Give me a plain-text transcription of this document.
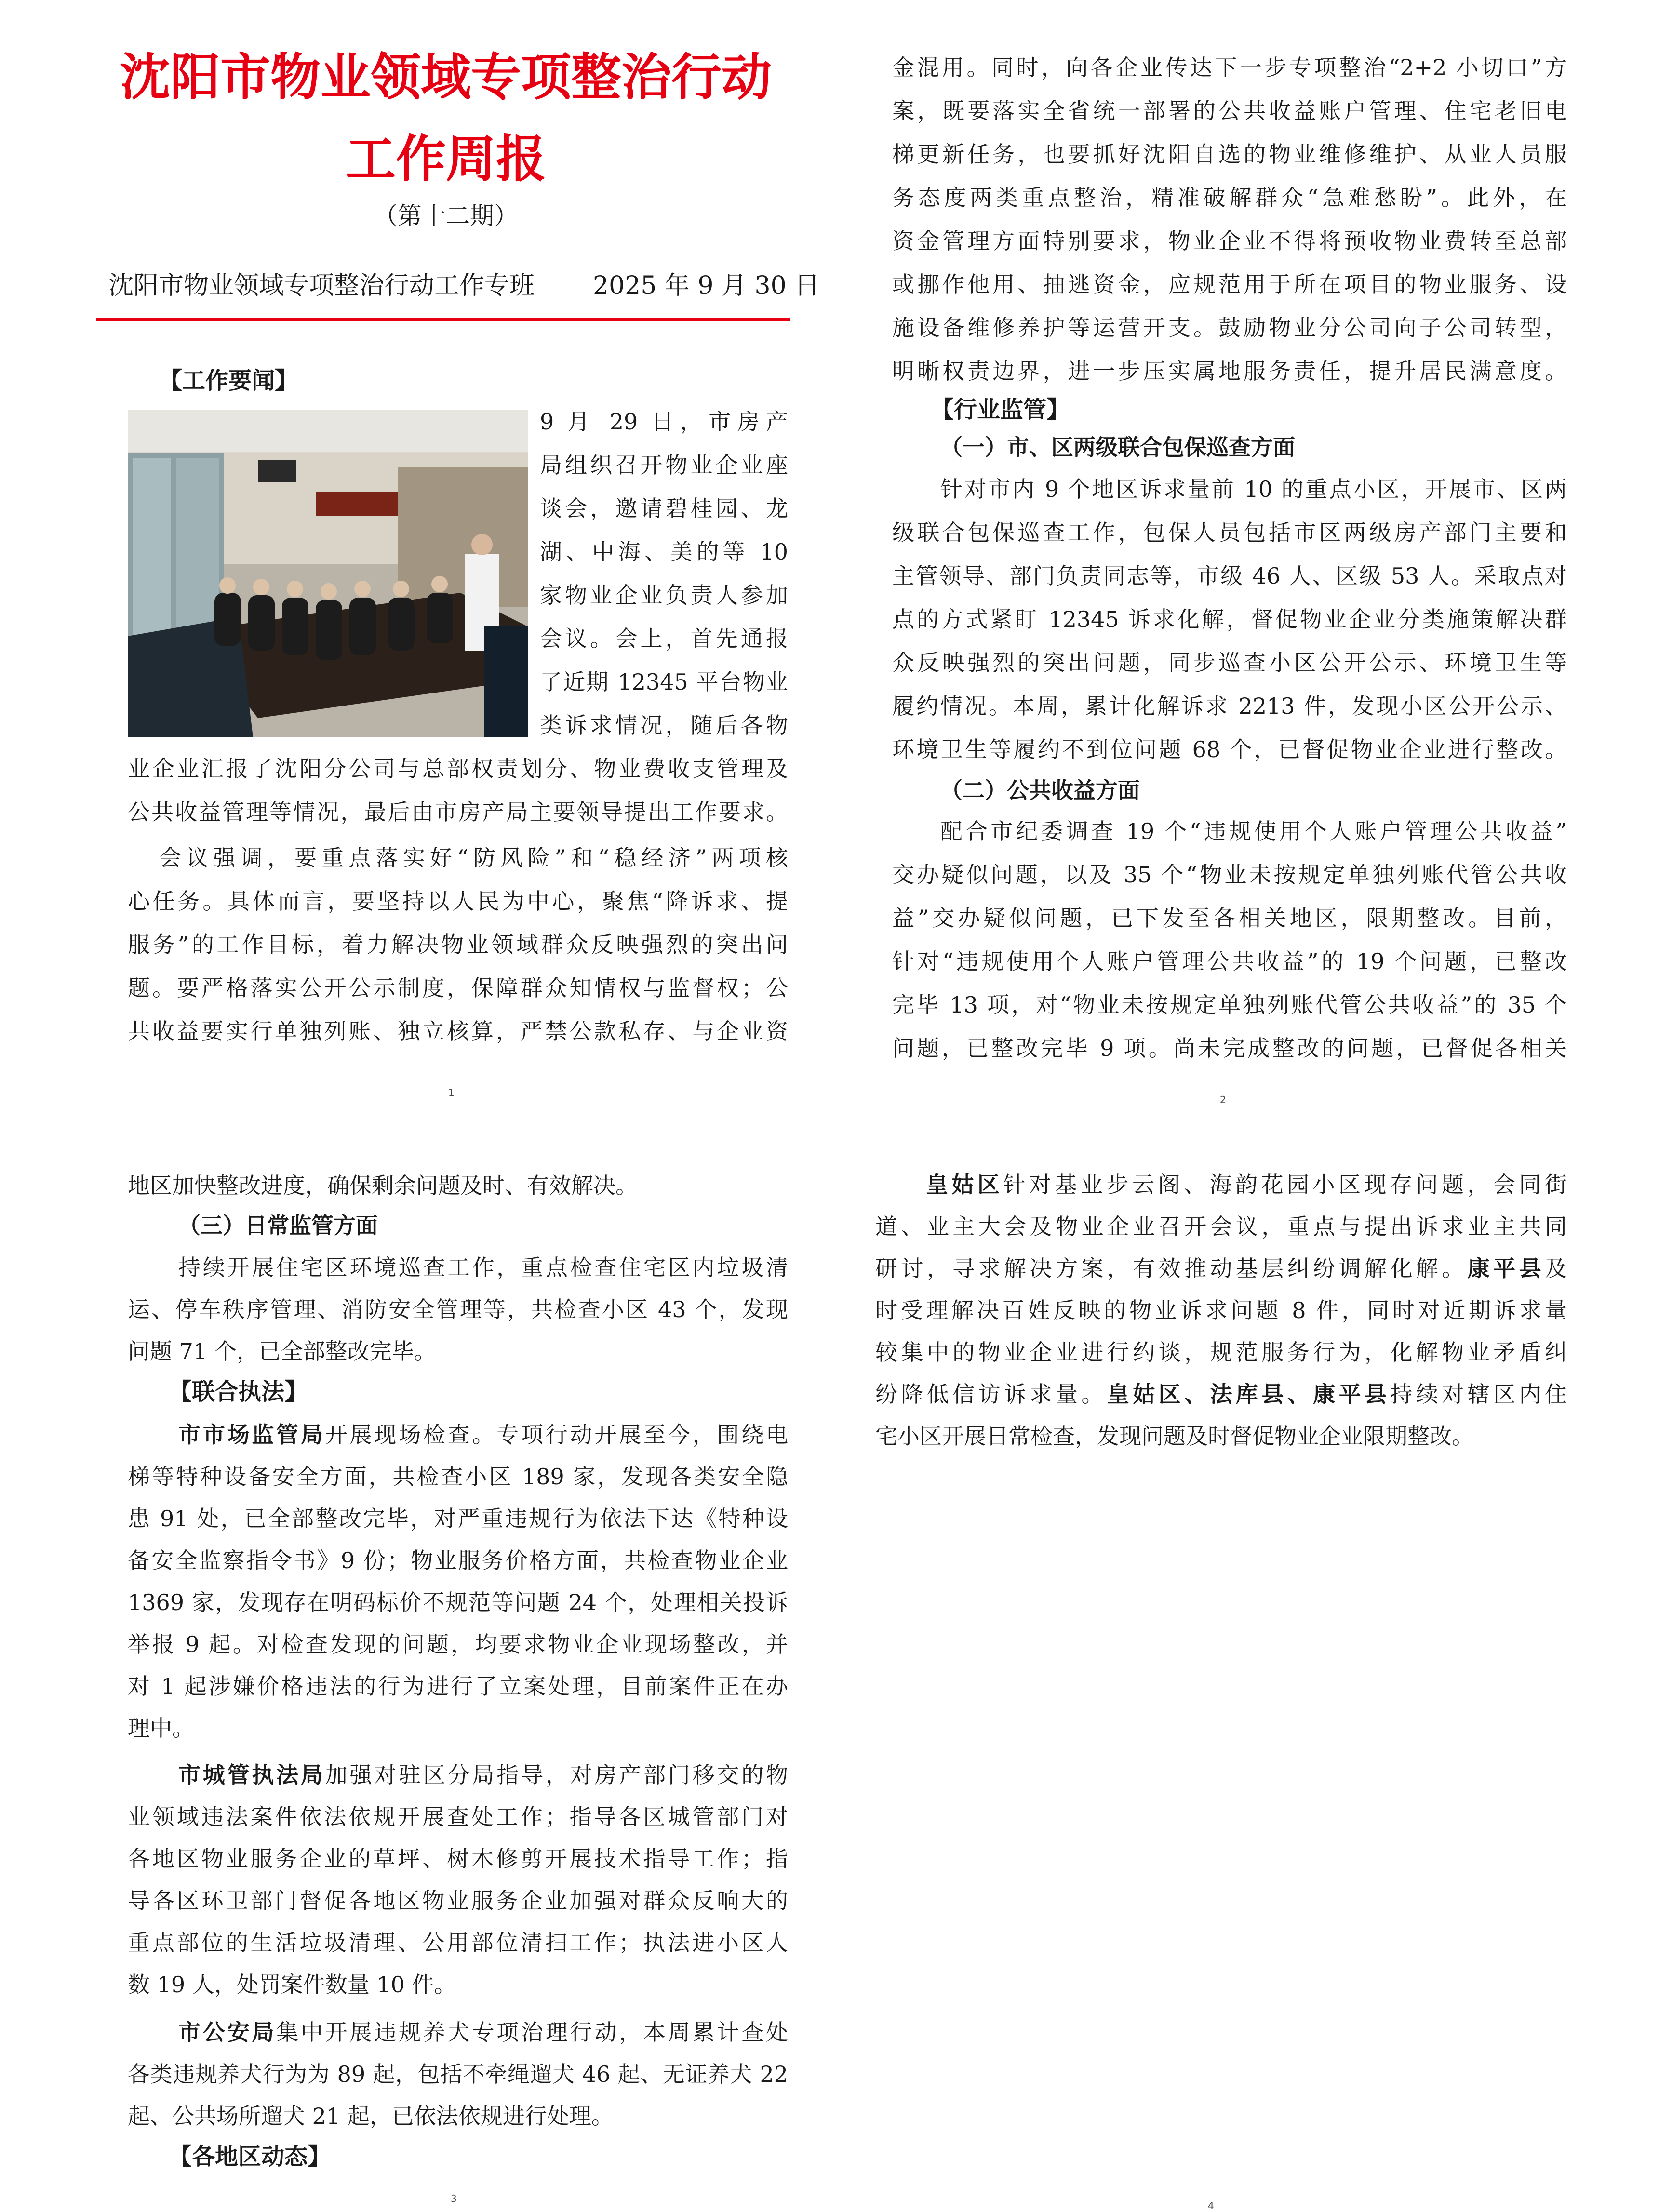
沈阳市物业领域专项整治行动
工作周报
（第十二期）
沈阳市物业领域专项整治行动工作专班 2025 年 9 月 30 日
【工作要闻】
9 月 29 日，市房产
局组织召开物业企业座
谈会，邀请碧桂园、龙
湖、中海、美的等 10
家物业企业负责人参加
会议。会上，首先通报
了近期 12345 平台物业
类诉求情况，随后各物
业企业汇报了沈阳分公司与总部权责划分、物业费收支管理及
公共收益管理等情况，最后由市房产局主要领导提出工作要求。
会议强调，要重点落实好“防风险”和“稳经济”两项核
心任务。具体而言，要坚持以人民为中心，聚焦“降诉求、提
服务”的工作目标，着力解决物业领域群众反映强烈的突出问
题。要严格落实公开公示制度，保障群众知情权与监督权；公
共收益要实行单独列账、独立核算，严禁公款私存、与企业资
1
金混用。同时，向各企业传达下一步专项整治“2+2 小切口”方
案，既要落实全省统一部署的公共收益账户管理、住宅老旧电
梯更新任务，也要抓好沈阳自选的物业维修维护、从业人员服
务态度两类重点整治，精准破解群众“急难愁盼”。此外，在
资金管理方面特别要求，物业企业不得将预收物业费转至总部
或挪作他用、抽逃资金，应规范用于所在项目的物业服务、设
施设备维修养护等运营开支。鼓励物业分公司向子公司转型，
明晰权责边界，进一步压实属地服务责任，提升居民满意度。
【行业监管】
（一）市、区两级联合包保巡查方面
针对市内 9 个地区诉求量前 10 的重点小区，开展市、区两
级联合包保巡查工作，包保人员包括市区两级房产部门主要和
主管领导、部门负责同志等，市级 46 人、区级 53 人。采取点对
点的方式紧盯 12345 诉求化解，督促物业企业分类施策解决群
众反映强烈的突出问题，同步巡查小区公开公示、环境卫生等
履约情况。本周，累计化解诉求 2213 件，发现小区公开公示、
环境卫生等履约不到位问题 68 个，已督促物业企业进行整改。
（二）公共收益方面
配合市纪委调查 19 个“违规使用个人账户管理公共收益”
交办疑似问题，以及 35 个“物业未按规定单独列账代管公共收
益”交办疑似问题，已下发至各相关地区，限期整改。目前，
针对“违规使用个人账户管理公共收益”的 19 个问题，已整改
完毕 13 项，对“物业未按规定单独列账代管公共收益”的 35 个
问题，已整改完毕 9 项。尚未完成整改的问题，已督促各相关
2
地区加快整改进度，确保剩余问题及时、有效解决。
（三）日常监管方面
持续开展住宅区环境巡查工作，重点检查住宅区内垃圾清
运、停车秩序管理、消防安全管理等，共检查小区 43 个，发现
问题 71 个，已全部整改完毕。
【联合执法】
市市场监管局开展现场检查。专项行动开展至今，围绕电
梯等特种设备安全方面，共检查小区 189 家，发现各类安全隐
患 91 处，已全部整改完毕，对严重违规行为依法下达《特种设
备安全监察指令书》9 份；物业服务价格方面，共检查物业企业
1369 家，发现存在明码标价不规范等问题 24 个，处理相关投诉
举报 9 起。对检查发现的问题，均要求物业企业现场整改，并
对 1 起涉嫌价格违法的行为进行了立案处理，目前案件正在办
理中。
市城管执法局加强对驻区分局指导，对房产部门移交的物
业领域违法案件依法依规开展查处工作；指导各区城管部门对
各地区物业服务企业的草坪、树木修剪开展技术指导工作；指
导各区环卫部门督促各地区物业服务企业加强对群众反响大的
重点部位的生活垃圾清理、公用部位清扫工作；执法进小区人
数 19 人，处罚案件数量 10 件。
市公安局集中开展违规养犬专项治理行动，本周累计查处
各类违规养犬行为为 89 起，包括不牵绳遛犬 46 起、无证养犬 22
起、公共场所遛犬 21 起，已依法依规进行处理。
【各地区动态】
3
皇姑区针对基业步云阁、海韵花园小区现存问题，会同街
道、业主大会及物业企业召开会议，重点与提出诉求业主共同
研讨，寻求解决方案，有效推动基层纠纷调解化解。康平县及
时受理解决百姓反映的物业诉求问题 8 件，同时对近期诉求量
较集中的物业企业进行约谈，规范服务行为，化解物业矛盾纠
纷降低信访诉求量。皇姑区、法库县、康平县持续对辖区内住
宅小区开展日常检查，发现问题及时督促物业企业限期整改。
4
